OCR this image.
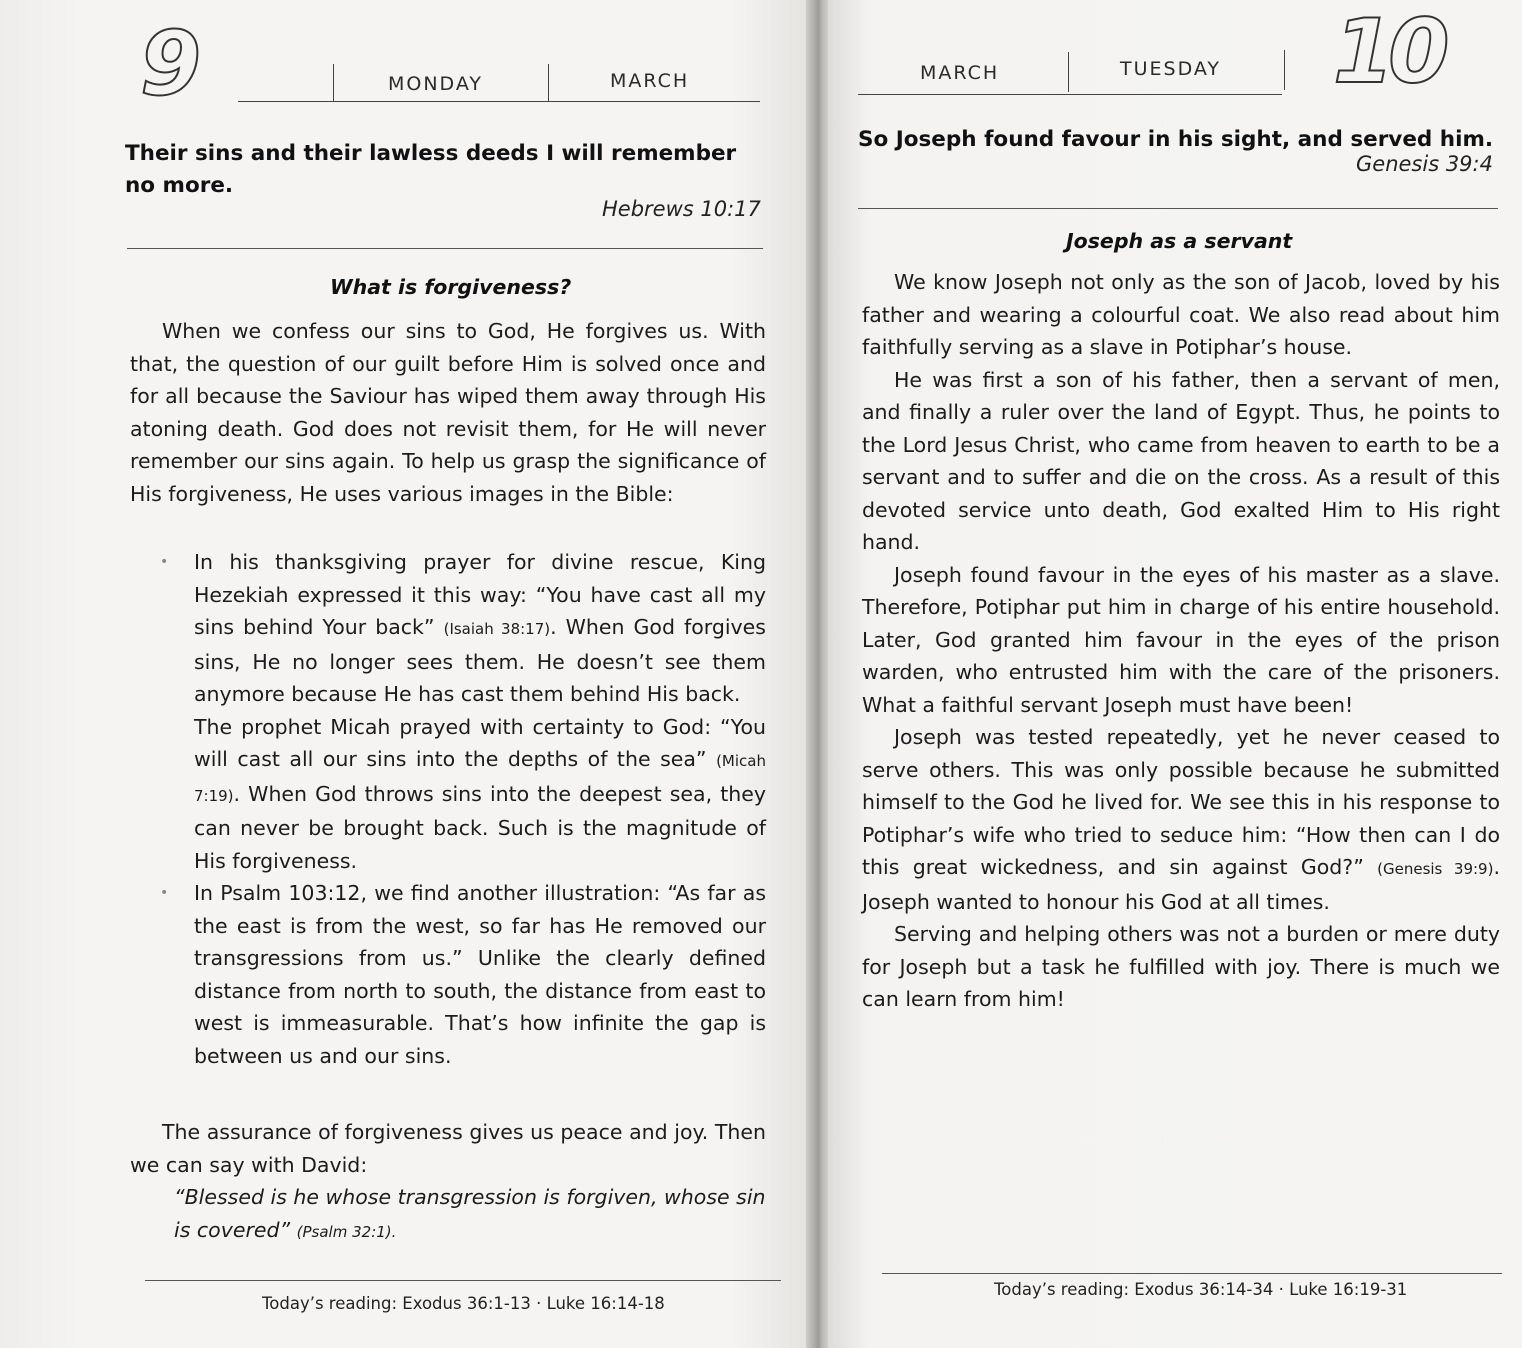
9	MONDAY	MARCH
Their sins and their lawless deeds I will remember no more.
Hebrews 10:17
What is forgiveness?

When we confess our sins to God, He forgives us. With that, the question of our guilt before Him is solved once and for all because the Saviour has wiped them away through His atoning death. God does not revisit them, for He will never remember our sins again. To help us grasp the significance of His forgiveness, He uses various images in the Bible:

• In his thanksgiving prayer for divine rescue, King Hezekiah expressed it this way: “You have cast all my sins behind Your back” (Isaiah 38:17). When God forgives sins, He no longer sees them. He doesn’t see them anymore because He has cast them behind His back.
The prophet Micah prayed with certainty to God: “You will cast all our sins into the depths of the sea” (Micah 7:19). When God throws sins into the deepest sea, they can never be brought back. Such is the magnitude of His forgiveness.
• In Psalm 103:12, we find another illustration: “As far as the east is from the west, so far has He removed our transgressions from us.” Unlike the clearly defined distance from north to south, the distance from east to west is immeasurable. That’s how infinite the gap is between us and our sins.

The assurance of forgiveness gives us peace and joy. Then we can say with David:

“Blessed is he whose transgression is forgiven, whose sin is covered” (Psalm 32:1).

Today’s reading: Exodus 36:1-13 · Luke 16:14-18
MARCH	TUESDAY 10
So Joseph found favour in his sight, and served him.
Genesis 39:4
Joseph as a servant

We know Joseph not only as the son of Jacob, loved by his father and wearing a colourful coat. We also read about him faithfully serving as a slave in Potiphar’s house.

He was first a son of his father, then a servant of men, and finally a ruler over the land of Egypt. Thus, he points to the Lord Jesus Christ, who came from heaven to earth to be a servant and to suffer and die on the cross. As a result of this devoted service unto death, God exalted Him to His right hand.

Joseph found favour in the eyes of his master as a slave. Therefore, Potiphar put him in charge of his entire household. Later, God granted him favour in the eyes of the prison warden, who entrusted him with the care of the prisoners. What a faithful servant Joseph must have been!

Joseph was tested repeatedly, yet he never ceased to serve others. This was only possible because he submitted himself to the God he lived for. We see this in his response to Potiphar’s wife who tried to seduce him: “How then can I do this great wickedness, and sin against God?” (Genesis 39:9). Joseph wanted to honour his God at all times.

Serving and helping others was not a burden or mere duty for Joseph but a task he fulfilled with joy. There is much we can learn from him!

Today’s reading: Exodus 36:14-34 · Luke 16:19-31
